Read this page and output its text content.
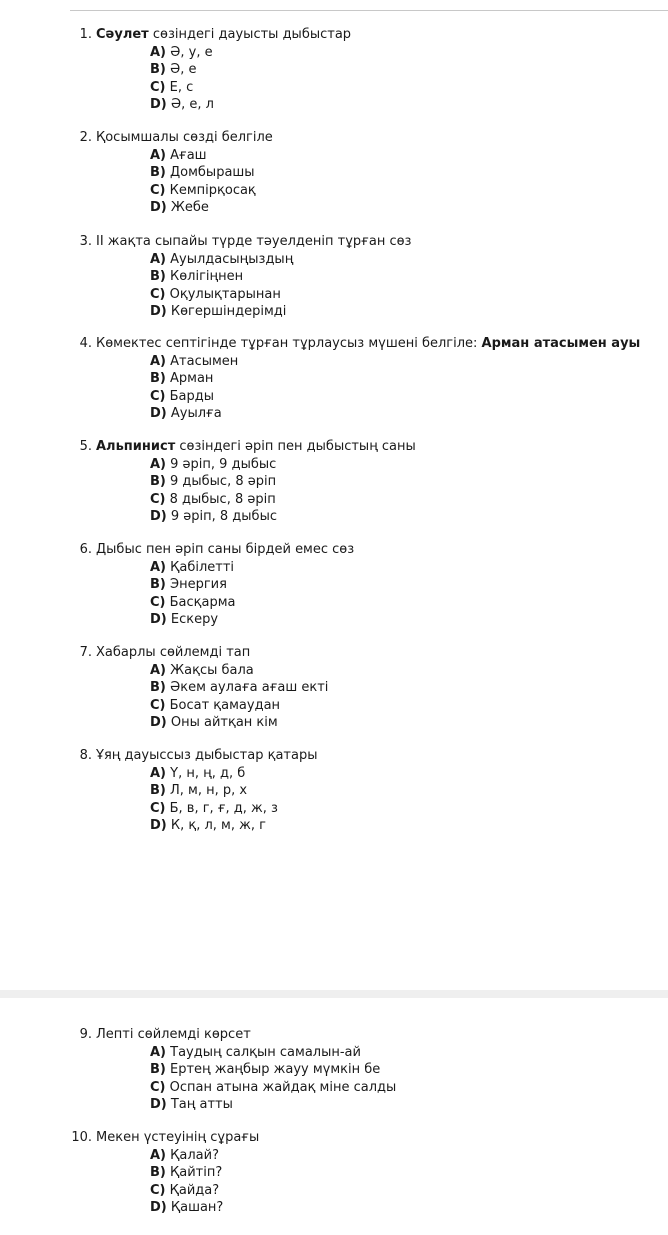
1. Сәулет сөзіндегі дауысты дыбыстар
A) Ә, у, е
B) Ә, е
C) Е, с
D) Ә, е, л
2. Қосымшалы сөзді белгіле
A) Ағаш
B) Домбырашы
C) Кемпірқосақ
D) Жебе
3. ІІ жақта сыпайы түрде тәуелденіп тұрған сөз
A) Ауылдасыңыздың
B) Көлігіңнен
C) Оқулықтарынан
D) Көгершіндерімді
4. Көмектес септігінде тұрған тұрлаусыз мүшені белгіле: Арман атасымен ауы
A) Атасымен
B) Арман
C) Барды
D) Ауылға
5. Альпинист сөзіндегі әріп пен дыбыстың саны
A) 9 әріп, 9 дыбыс
B) 9 дыбыс, 8 әріп
C) 8 дыбыс, 8 әріп
D) 9 әріп, 8 дыбыс
6. Дыбыс пен әріп саны бірдей емес сөз
A) Қабілетті
B) Энергия
C) Басқарма
D) Ескеру
7. Хабарлы сөйлемді тап
A) Жақсы бала
B) Әкем аулаға ағаш екті
C) Босат қамаудан
D) Оны айтқан кім
8. Ұяң дауыссыз дыбыстар қатары
A) Ү, н, ң, д, б
B) Л, м, н, р, х
C) Б, в, г, ғ, д, ж, з
D) К, қ, л, м, ж, г
9. Лепті сөйлемді көрсет
A) Таудың салқын самалын-ай
B) Ертең жаңбыр жауу мүмкін бе
C) Оспан атына жайдақ міне салды
D) Таң атты
10. Мекен үстеуінің сұрағы
A) Қалай?
B) Қайтіп?
C) Қайда?
D) Қашан?
